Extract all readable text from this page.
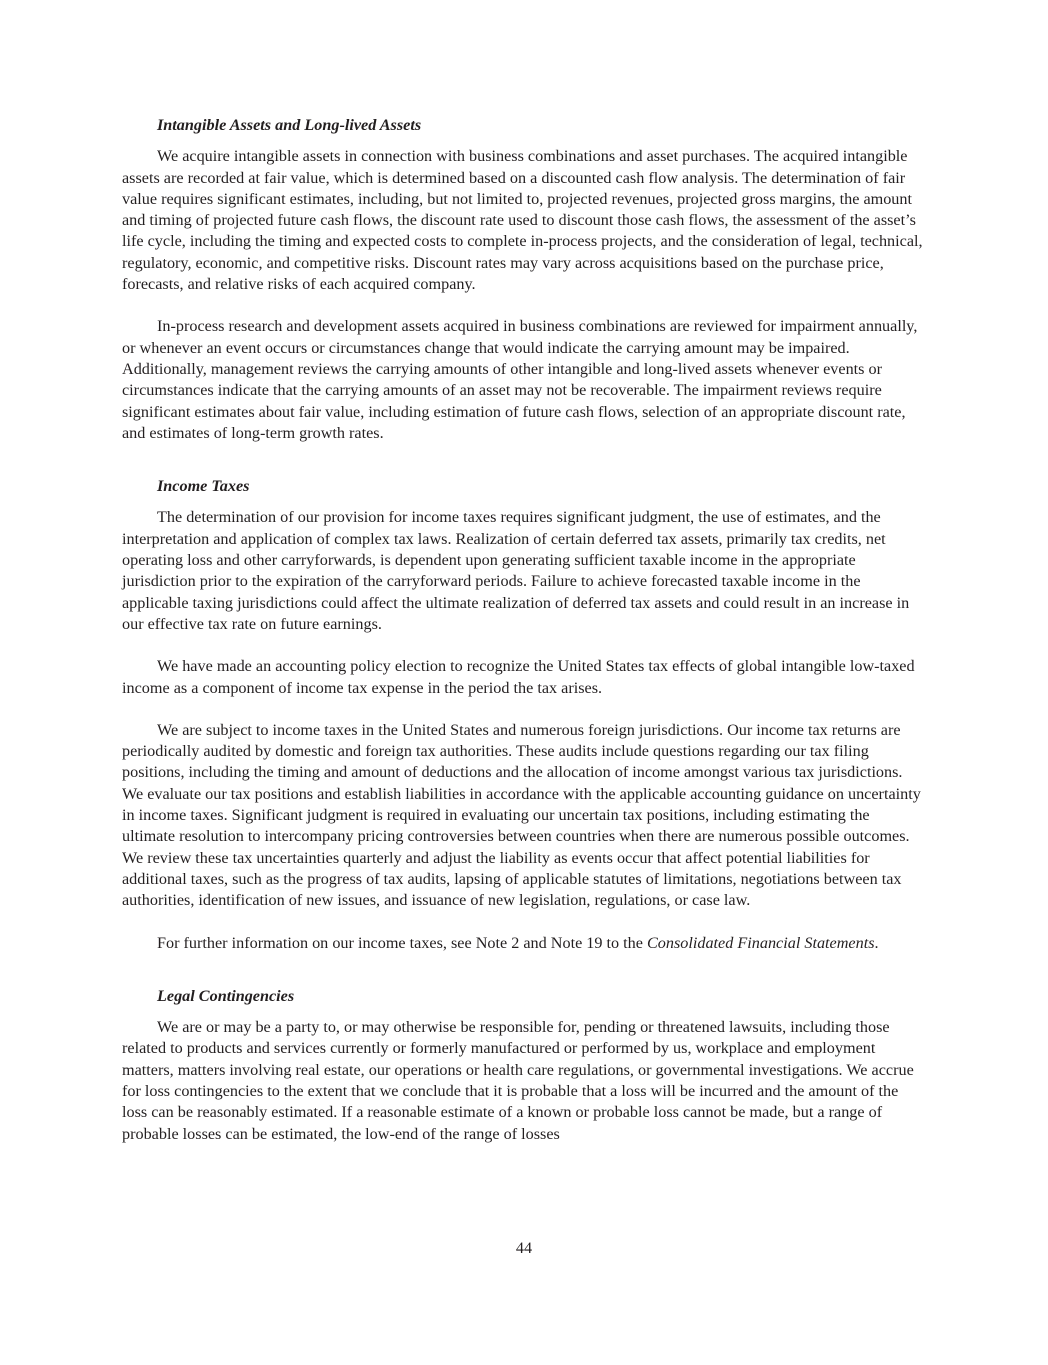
Intangible Assets and Long-lived Assets

We acquire intangible assets in connection with business combinations and asset purchases. The acquired intangible assets are recorded at fair value, which is determined based on a discounted cash flow analysis. The determination of fair value requires significant estimates, including, but not limited to, projected revenues, projected gross margins, the amount and timing of projected future cash flows, the discount rate used to discount those cash flows, the assessment of the asset’s life cycle, including the timing and expected costs to complete in-process projects, and the consideration of legal, technical, regulatory, economic, and competitive risks. Discount rates may vary across acquisitions based on the purchase price, forecasts, and relative risks of each acquired company.

In-process research and development assets acquired in business combinations are reviewed for impairment annually, or whenever an event occurs or circumstances change that would indicate the carrying amount may be impaired. Additionally, management reviews the carrying amounts of other intangible and long-lived assets whenever events or circumstances indicate that the carrying amounts of an asset may not be recoverable. The impairment reviews require significant estimates about fair value, including estimation of future cash flows, selection of an appropriate discount rate, and estimates of long-term growth rates.

Income Taxes

The determination of our provision for income taxes requires significant judgment, the use of estimates, and the interpretation and application of complex tax laws. Realization of certain deferred tax assets, primarily tax credits, net operating loss and other carryforwards, is dependent upon generating sufficient taxable income in the appropriate jurisdiction prior to the expiration of the carryforward periods. Failure to achieve forecasted taxable income in the applicable taxing jurisdictions could affect the ultimate realization of deferred tax assets and could result in an increase in our effective tax rate on future earnings.

We have made an accounting policy election to recognize the United States tax effects of global intangible low-taxed income as a component of income tax expense in the period the tax arises.

We are subject to income taxes in the United States and numerous foreign jurisdictions. Our income tax returns are periodically audited by domestic and foreign tax authorities. These audits include questions regarding our tax filing positions, including the timing and amount of deductions and the allocation of income amongst various tax jurisdictions. We evaluate our tax positions and establish liabilities in accordance with the applicable accounting guidance on uncertainty in income taxes. Significant judgment is required in evaluating our uncertain tax positions, including estimating the ultimate resolution to intercompany pricing controversies between countries when there are numerous possible outcomes. We review these tax uncertainties quarterly and adjust the liability as events occur that affect potential liabilities for additional taxes, such as the progress of tax audits, lapsing of applicable statutes of limitations, negotiations between tax authorities, identification of new issues, and issuance of new legislation, regulations, or case law.

For further information on our income taxes, see Note 2 and Note 19 to the Consolidated Financial Statements.

Legal Contingencies

We are or may be a party to, or may otherwise be responsible for, pending or threatened lawsuits, including those related to products and services currently or formerly manufactured or performed by us, workplace and employment matters, matters involving real estate, our operations or health care regulations, or governmental investigations. We accrue for loss contingencies to the extent that we conclude that it is probable that a loss will be incurred and the amount of the loss can be reasonably estimated. If a reasonable estimate of a known or probable loss cannot be made, but a range of probable losses can be estimated, the low-end of the range of losses

44
